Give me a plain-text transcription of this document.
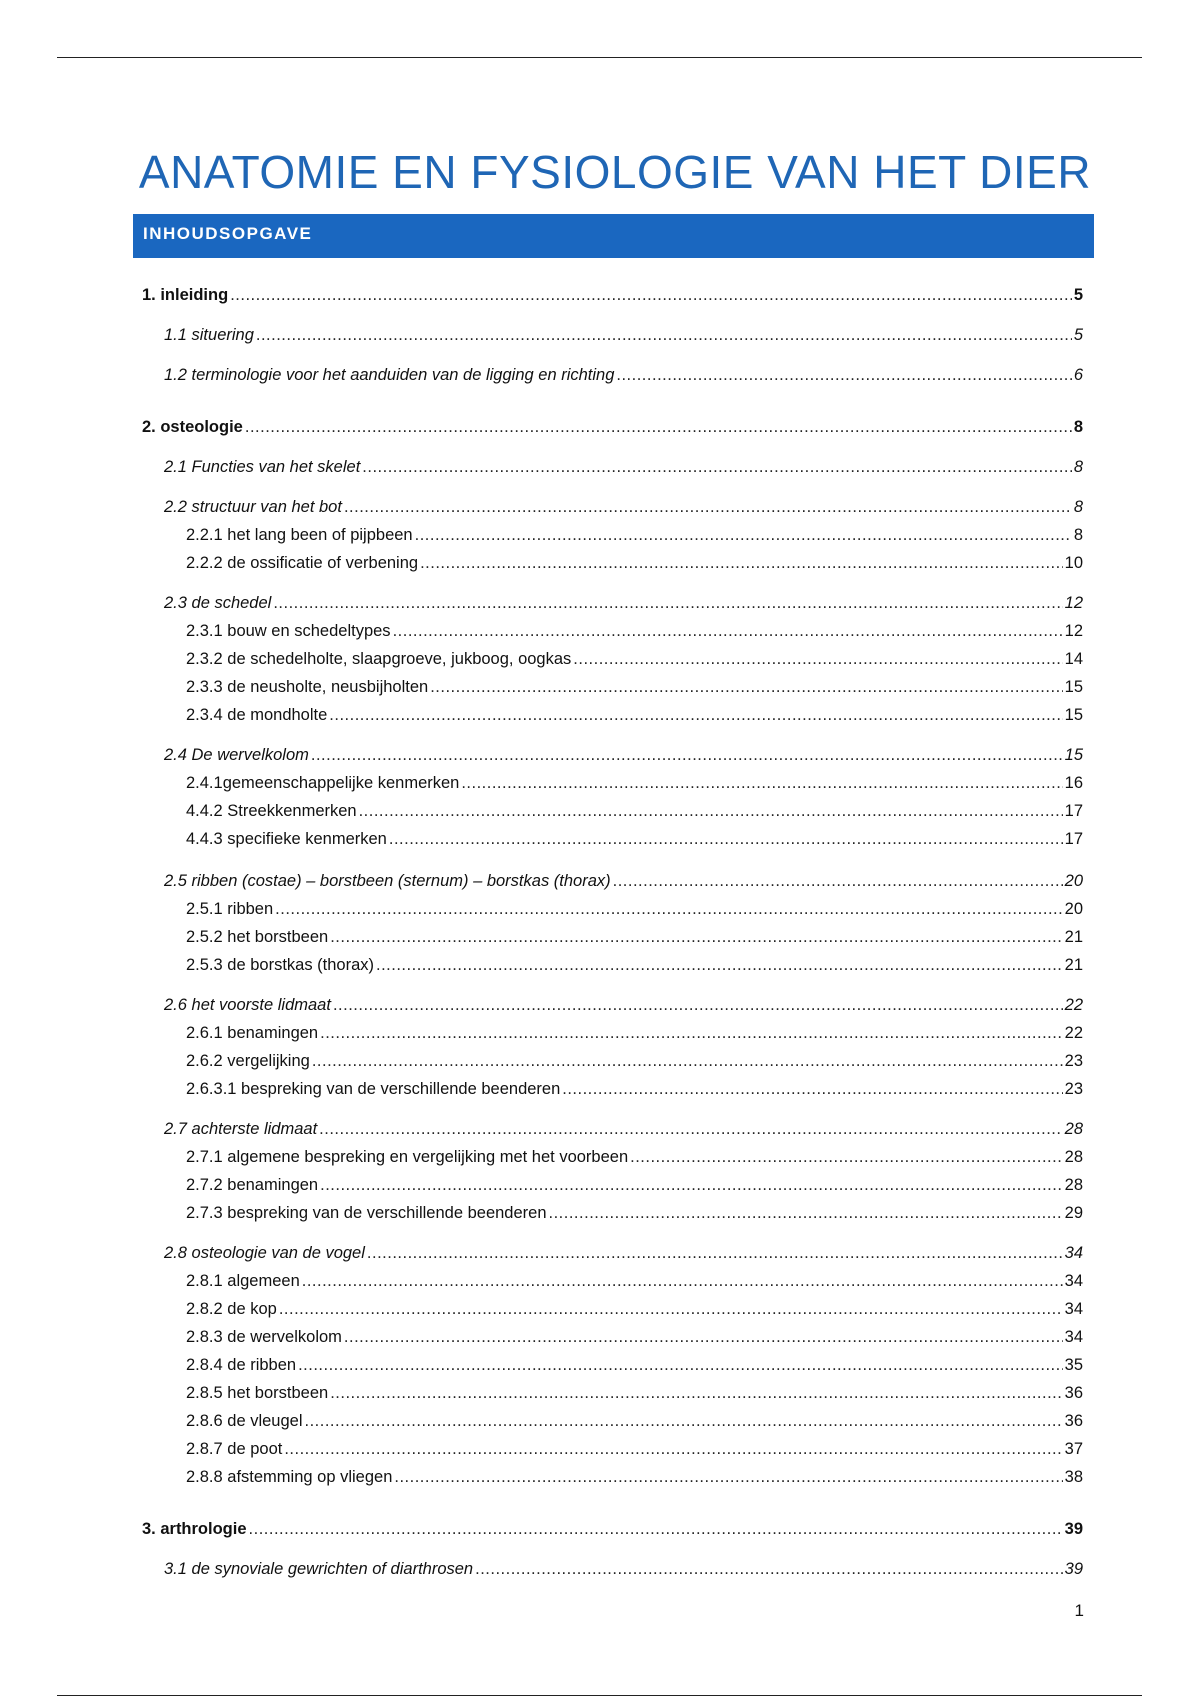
ANATOMIE EN FYSIOLOGIE VAN HET DIER
INHOUDSOPGAVE
1. inleiding .....	5
1.1 situering .....	5
1.2 terminologie voor het aanduiden van de ligging en richting .....	6
2. osteologie .....	8
2.1 Functies van het skelet .....	8
2.2 structuur van het bot .....	8
2.2.1 het lang been of pijpbeen .....	8
2.2.2 de ossificatie of verbening .....	10
2.3 de schedel .....	12
2.3.1 bouw en schedeltypes .....	12
2.3.2 de schedelholte, slaapgroeve, jukboog, oogkas .....	14
2.3.3 de neusholte, neusbijholten .....	15
2.3.4 de mondholte .....	15
2.4 De wervelkolom .....	15
2.4.1gemeenschappelijke kenmerken .....	16
4.4.2 Streekkenmerken .....	17
4.4.3 specifieke kenmerken .....	17
2.5 ribben (costae) – borstbeen (sternum) – borstkas (thorax) .....	20
2.5.1 ribben .....	20
2.5.2 het borstbeen .....	21
2.5.3 de borstkas (thorax) .....	21
2.6 het voorste lidmaat .....	22
2.6.1 benamingen .....	22
2.6.2 vergelijking .....	23
2.6.3.1 bespreking van de verschillende beenderen .....	23
2.7 achterste lidmaat .....	28
2.7.1 algemene bespreking en vergelijking met het voorbeen .....	28
2.7.2 benamingen .....	28
2.7.3 bespreking van de verschillende beenderen .....	29
2.8 osteologie van de vogel .....	34
2.8.1 algemeen .....	34
2.8.2 de kop .....	34
2.8.3 de wervelkolom .....	34
2.8.4 de ribben .....	35
2.8.5 het borstbeen .....	36
2.8.6 de vleugel .....	36
2.8.7 de poot .....	37
2.8.8 afstemming op vliegen .....	38
3. arthrologie .....	39
3.1 de synoviale gewrichten of diarthrosen .....	39
1
